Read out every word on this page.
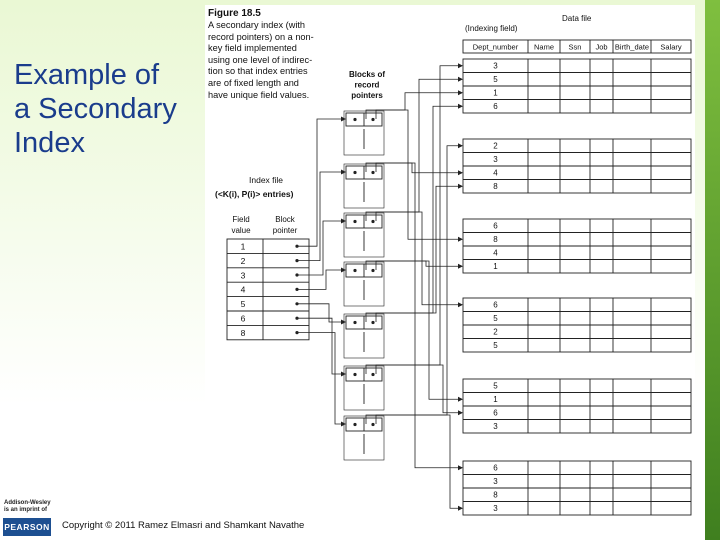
Example of
a Secondary
Index
Figure 18.5
A secondary index (with
record pointers) on a non-
key field implemented
using one level of indirec-
tion so that index entries
are of fixed length and
have unique field values.
Index file
(<K(i), P(i)> entries)
Field
value
Block
pointer
1
2
3
4
5
6
8
Blocks of
record
pointers
(Indexing field)
Data file
Dept_number Name Ssn Job Birth_date Salary
3
5
1
6
2
3
4
8
6
8
4
1
6
5
2
5
5
1
6
3
6
3
8
3
Addison-Wesley
is an imprint of
PEARSON Copyright © 2011 Ramez Elmasri and Shamkant Navathe
